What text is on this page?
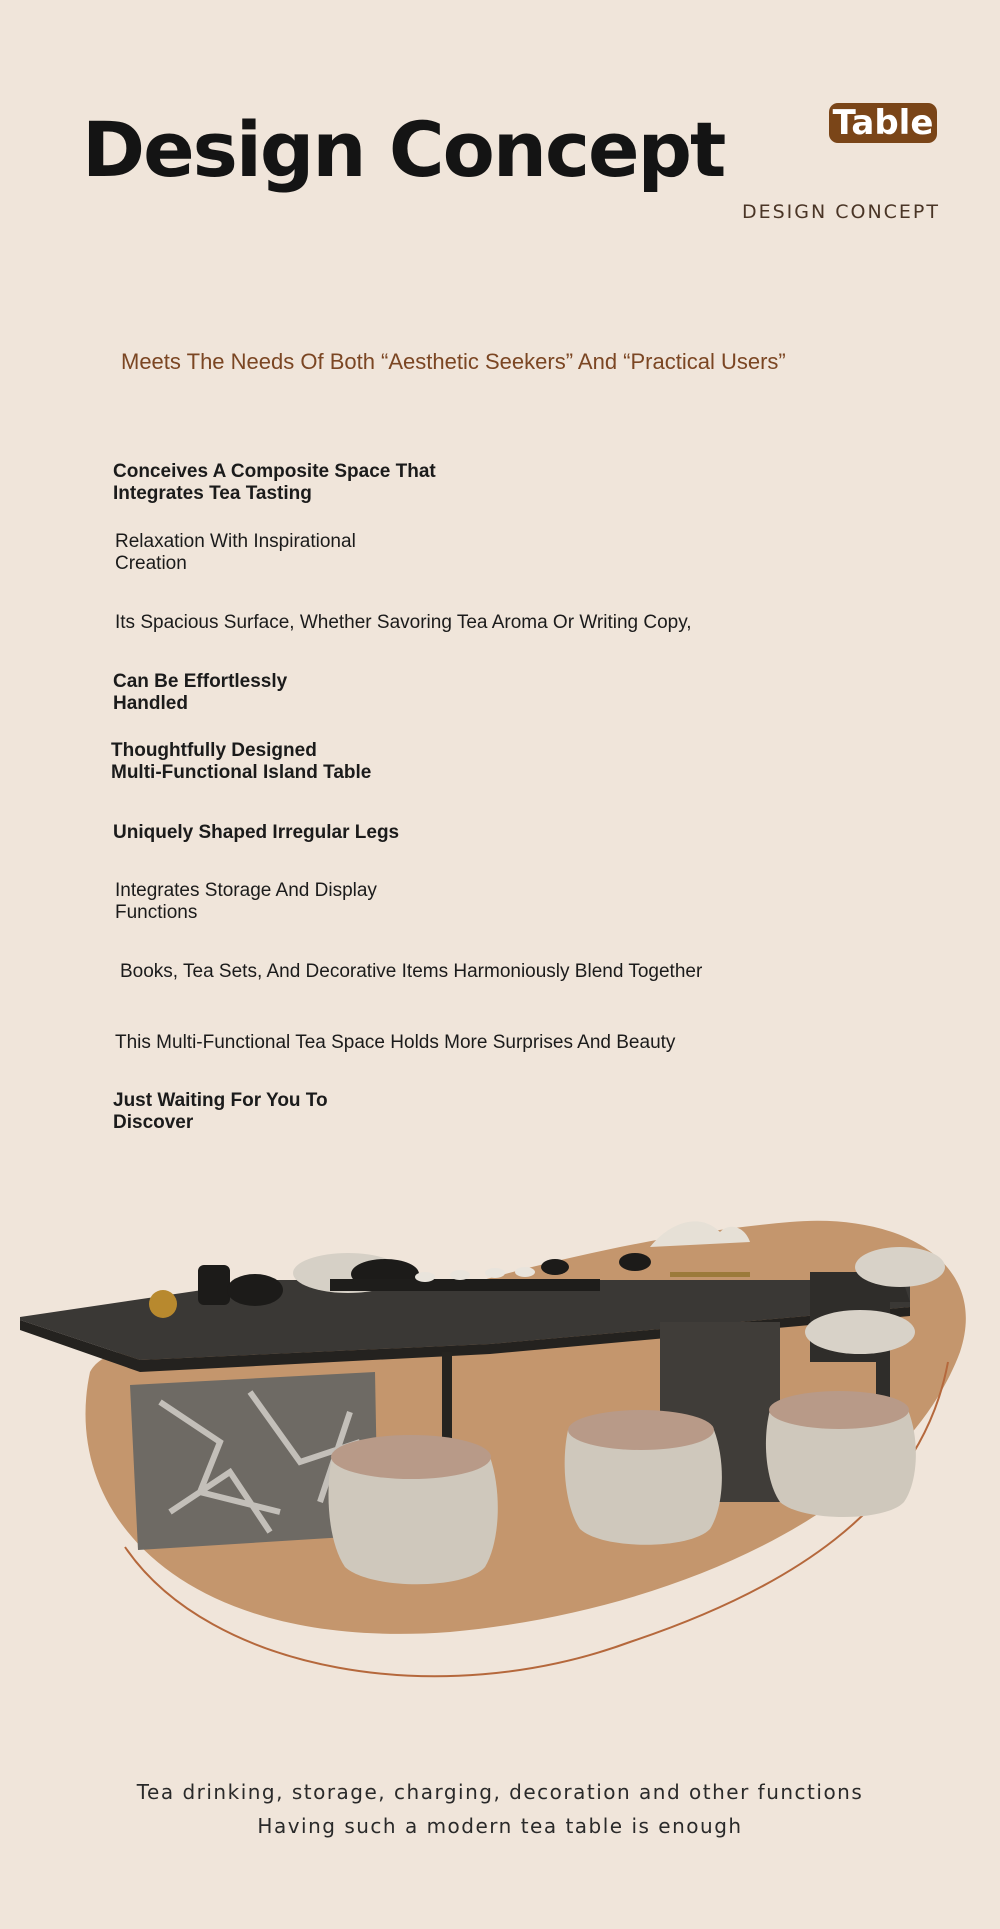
Design Concept	Table
DESIGN CONCEPT
Meets The Needs Of Both “Aesthetic Seekers” And “Practical Users”
Conceives A Composite Space That
Integrates Tea Tasting
Relaxation With Inspirational
Creation
Its Spacious Surface, Whether Savoring Tea Aroma Or Writing Copy,
Can Be Effortlessly
Handled
Thoughtfully Designed
Multi-Functional Island Table
Uniquely Shaped Irregular Legs
Integrates Storage And Display
Functions
Books, Tea Sets, And Decorative Items Harmoniously Blend Together
This Multi-Functional Tea Space Holds More Surprises And Beauty
Just Waiting For You To
Discover
Tea drinking, storage, charging, decoration and other functions
Having such a modern tea table is enough
